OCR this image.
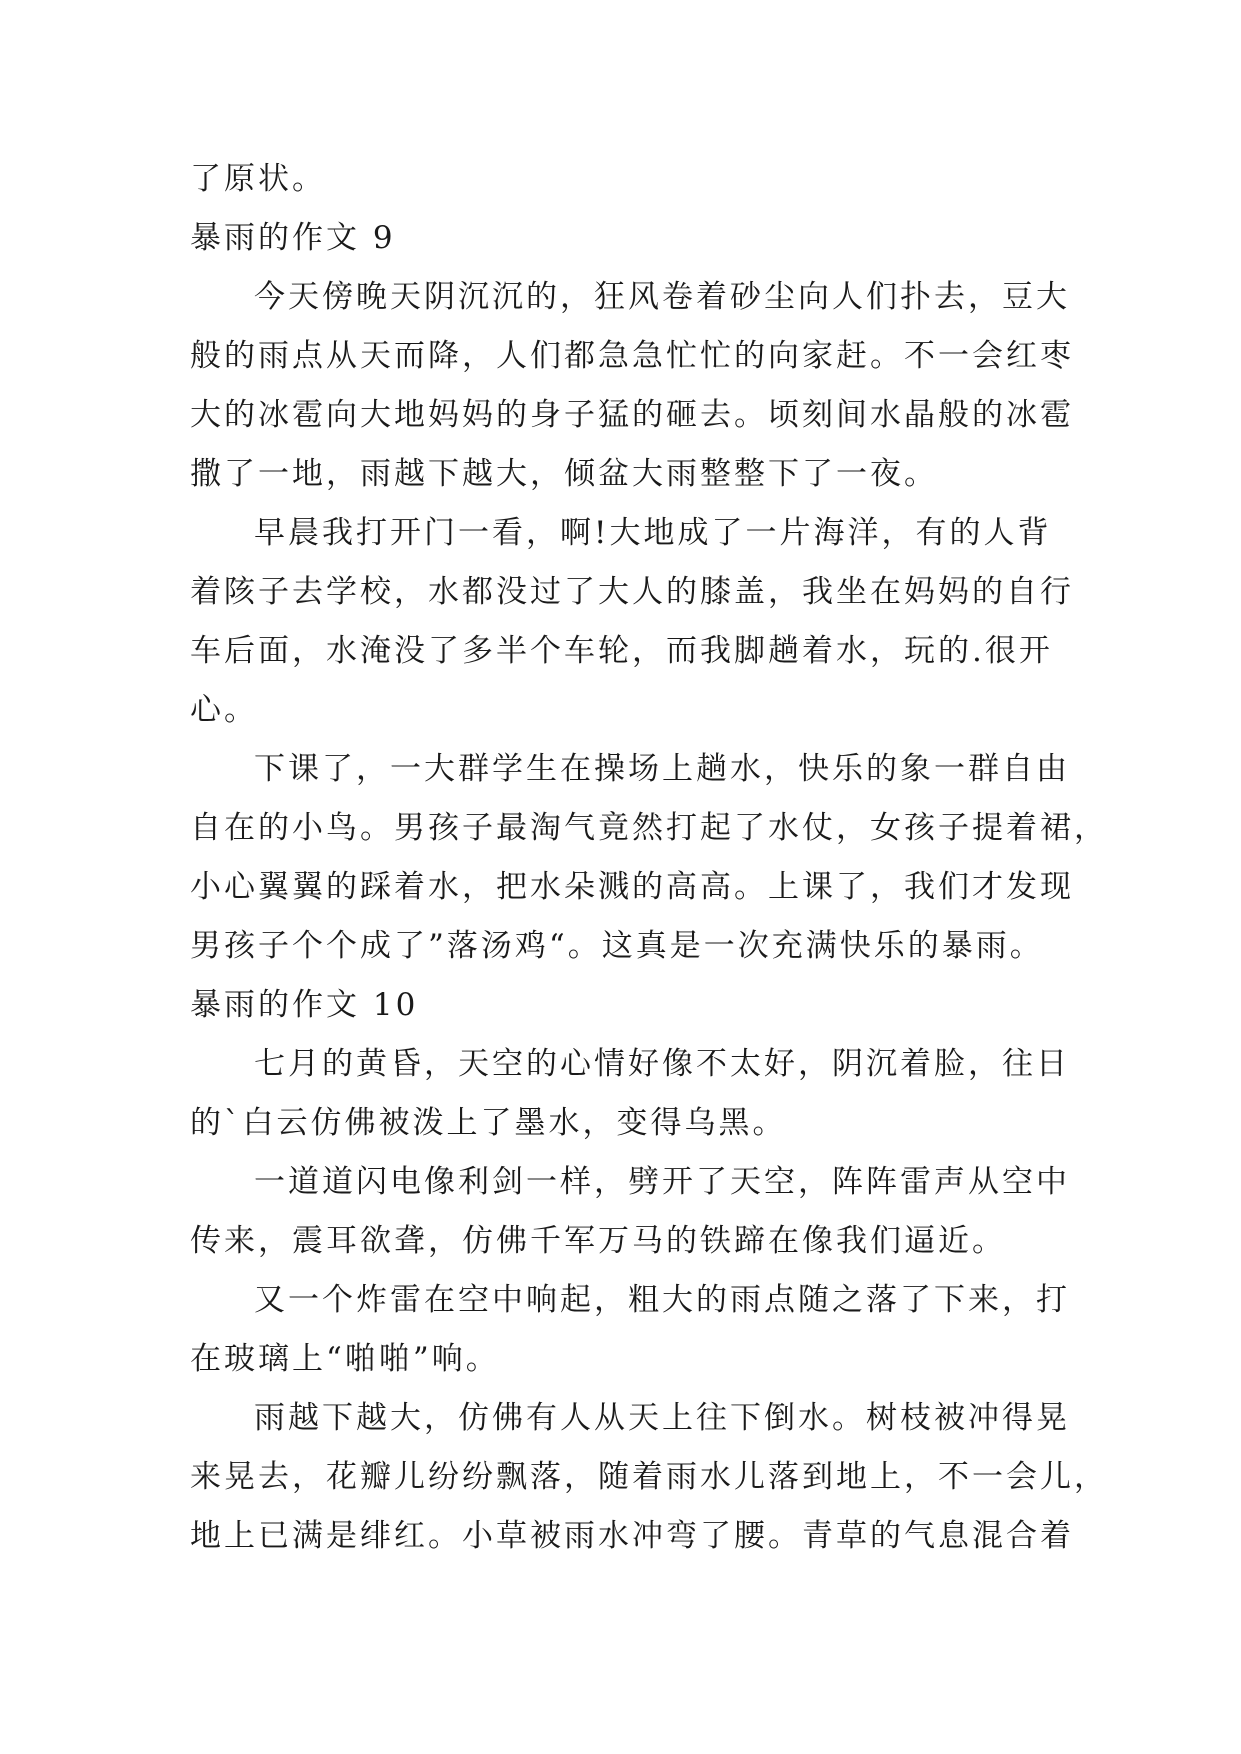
了原状。
暴雨的作文 9
今天傍晚天阴沉沉的，狂风卷着砂尘向人们扑去，豆大
般的雨点从天而降，人们都急急忙忙的向家赶。不一会红枣
大的冰雹向大地妈妈的身子猛的砸去。顷刻间水晶般的冰雹
撒了一地，雨越下越大，倾盆大雨整整下了一夜。
早晨我打开门一看，啊!大地成了一片海洋，有的人背
着陔子去学校，水都没过了大人的膝盖，我坐在妈妈的自行
车后面，水淹没了多半个车轮，而我脚趟着水，玩的.很开
心。
下课了，一大群学生在操场上趟水，快乐的象一群自由
自在的小鸟。男孩子最淘气竟然打起了水仗，女孩子提着裙，
小心翼翼的踩着水，把水朵溅的高高。上课了，我们才发现
男孩子个个成了”落汤鸡“。这真是一次充满快乐的暴雨。
暴雨的作文 10
七月的黄昏，天空的心情好像不太好，阴沉着脸，往日
的`白云仿佛被泼上了墨水，变得乌黑。
一道道闪电像利剑一样，劈开了天空，阵阵雷声从空中
传来，震耳欲聋，仿佛千军万马的铁蹄在像我们逼近。
又一个炸雷在空中响起，粗大的雨点随之落了下来，打
在玻璃上“啪啪”响。
雨越下越大，仿佛有人从天上往下倒水。树枝被冲得晃
来晃去，花瓣儿纷纷飘落，随着雨水儿落到地上，不一会儿，
地上已满是绯红。小草被雨水冲弯了腰。青草的气息混合着
